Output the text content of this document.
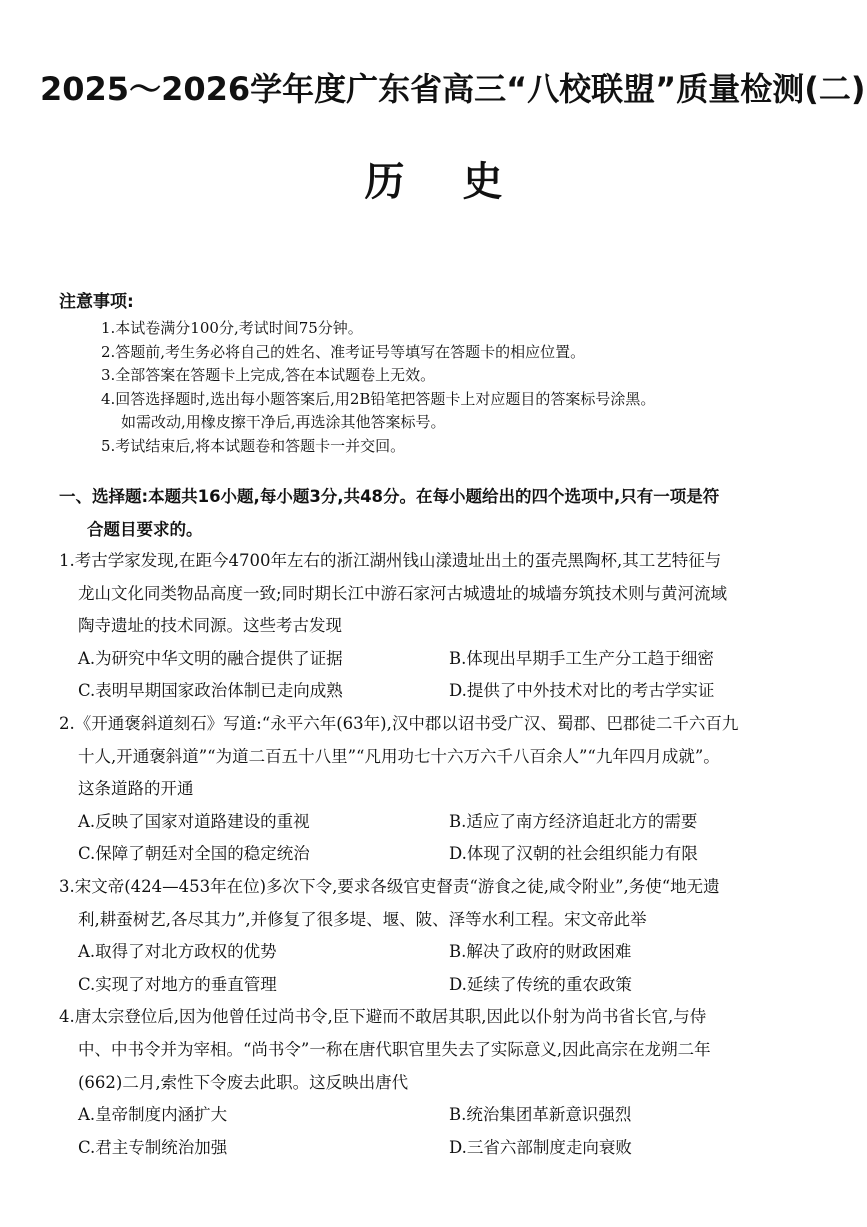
2025～2026学年度广东省高三“八校联盟”质量检测(二)
历史
注意事项:
1.本试卷满分100分,考试时间75分钟。
2.答题前,考生务必将自己的姓名、准考证号等填写在答题卡的相应位置。
3.全部答案在答题卡上完成,答在本试题卷上无效。
4.回答选择题时,选出每小题答案后,用2B铅笔把答题卡上对应题目的答案标号涂黑。
如需改动,用橡皮擦干净后,再选涂其他答案标号。
5.考试结束后,将本试题卷和答题卡一并交回。
一、选择题:本题共16小题,每小题3分,共48分。在每小题给出的四个选项中,只有一项是符
合题目要求的。
1.考古学家发现,在距今4700年左右的浙江湖州钱山漾遗址出土的蛋壳黑陶杯,其工艺特征与
龙山文化同类物品高度一致;同时期长江中游石家河古城遗址的城墙夯筑技术则与黄河流域
陶寺遗址的技术同源。这些考古发现
A.为研究中华文明的融合提供了证据	B.体现出早期手工生产分工趋于细密
C.表明早期国家政治体制已走向成熟	D.提供了中外技术对比的考古学实证
2.《开通褒斜道刻石》写道:“永平六年(63年),汉中郡以诏书受广汉、蜀郡、巴郡徒二千六百九
十人,开通褒斜道”“为道二百五十八里”“凡用功七十六万六千八百余人”“九年四月成就”。
这条道路的开通
A.反映了国家对道路建设的重视	B.适应了南方经济追赶北方的需要
C.保障了朝廷对全国的稳定统治	D.体现了汉朝的社会组织能力有限
3.宋文帝(424—453年在位)多次下令,要求各级官吏督责“游食之徒,咸令附业”,务使“地无遗
利,耕蚕树艺,各尽其力”,并修复了很多堤、堰、陂、泽等水利工程。宋文帝此举
A.取得了对北方政权的优势	B.解决了政府的财政困难
C.实现了对地方的垂直管理	D.延续了传统的重农政策
4.唐太宗登位后,因为他曾任过尚书令,臣下避而不敢居其职,因此以仆射为尚书省长官,与侍
中、中书令并为宰相。“尚书令”一称在唐代职官里失去了实际意义,因此高宗在龙朔二年
(662)二月,索性下令废去此职。这反映出唐代
A.皇帝制度内涵扩大	B.统治集团革新意识强烈
C.君主专制统治加强	D.三省六部制度走向衰败
